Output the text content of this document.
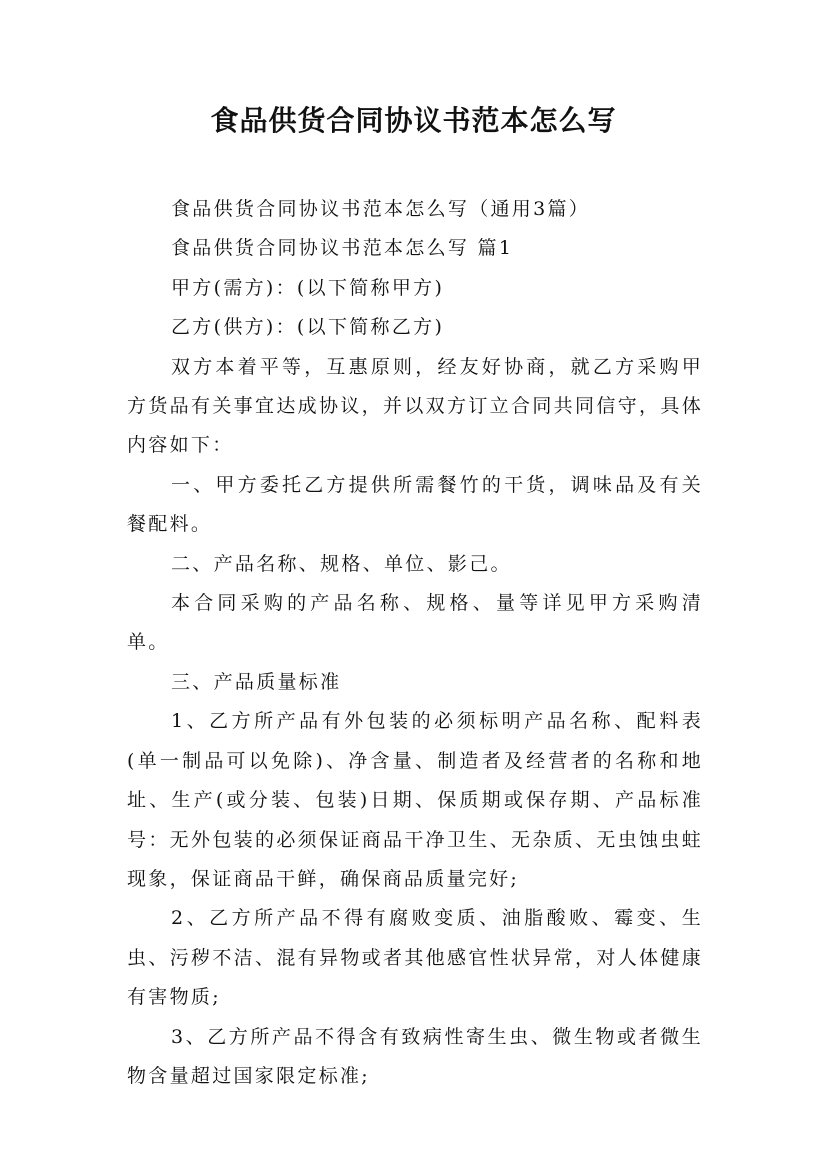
食品供货合同协议书范本怎么写

食品供货合同协议书范本怎么写（通用3篇）

食品供货合同协议书范本怎么写 篇1

甲方(需方)：(以下简称甲方)

乙方(供方)：(以下简称乙方)

双方本着平等，互惠原则，经友好协商，就乙方采购甲方货品有关事宜达成协议，并以双方订立合同共同信守，具体内容如下：

一、甲方委托乙方提供所需餐竹的干货，调味品及有关餐配料。

二、产品名称、规格、单位、影己。

本合同采购的产品名称、规格、量等详见甲方采购清单。

三、产品质量标准

1、乙方所产品有外包装的必须标明产品名称、配料表(单一制品可以免除)、净含量、制造者及经营者的名称和地址、生产(或分装、包装)日期、保质期或保存期、产品标准号：无外包装的必须保证商品干净卫生、无杂质、无虫蚀虫蛀现象，保证商品干鲜，确保商品质量完好;

2、乙方所产品不得有腐败变质、油脂酸败、霉变、生虫、污秽不洁、混有异物或者其他感官性状异常，对人体健康有害物质;

3、乙方所产品不得含有致病性寄生虫、微生物或者微生物含量超过国家限定标准;
